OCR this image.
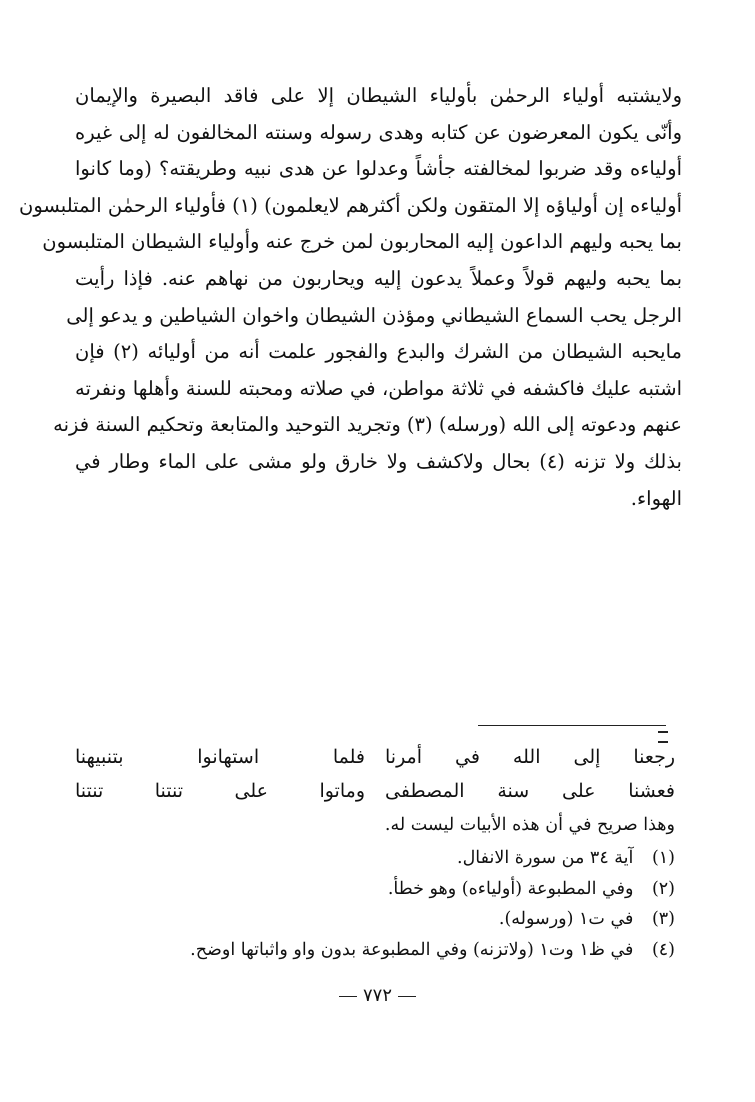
ولايشتبه أولياء الرحمٰن بأولياء الشيطان إلا على فاقد البصيرة والإيمان
وأنّى يكون المعرضون عن كتابه وهدى رسوله وسنته المخالفون له إلى غيره
أولياءه وقد ضربوا لمخالفته جأشاً وعدلوا عن هدى نبيه وطريقته؟ (وما كانوا
أولياءه إن أولياؤه إلا المتقون ولكن أكثرهم لايعلمون) (١) فأولياء الرحمٰن المتلبسون
بما يحبه وليهم الداعون إليه المحاربون لمن خرج عنه وأولياء الشيطان المتلبسون
بما يحبه وليهم قولاً وعملاً يدعون إليه ويحاربون من نهاهم عنه. فإذا رأيت
الرجل يحب السماع الشيطاني ومؤذن الشيطان واخوان الشياطين و يدعو إلى
مايحبه الشيطان من الشرك والبدع والفجور علمت أنه من أوليائه (٢) فإن
اشتبه عليك فاكشفه في ثلاثة مواطن، في صلاته ومحبته للسنة وأهلها ونفرته
عنهم ودعوته إلى الله (ورسله) (٣) وتجريد التوحيد والمتابعة وتحكيم السنة فزنه
بذلك ولا تزنه (٤) بحال ولاكشف ولا خارق ولو مشى على الماء وطار في
الهواء.
رجعنا إلى الله في أمرنا
فلما استهانوا بتنبيهنا
فعشنا على سنة المصطفى
وماتوا على تنتنا تنتنا
وهذا صريح في أن هذه الأبيات ليست له.
(١) آية ٣٤ من سورة الانفال.
(٢) وفي المطبوعة (أولياءه) وهو خطأ.
(٣) في ت١ (ورسوله).
(٤) في ظ١ وت١ (ولاتزنه) وفي المطبوعة بدون واو واثباتها اوضح.
٧٧٢
